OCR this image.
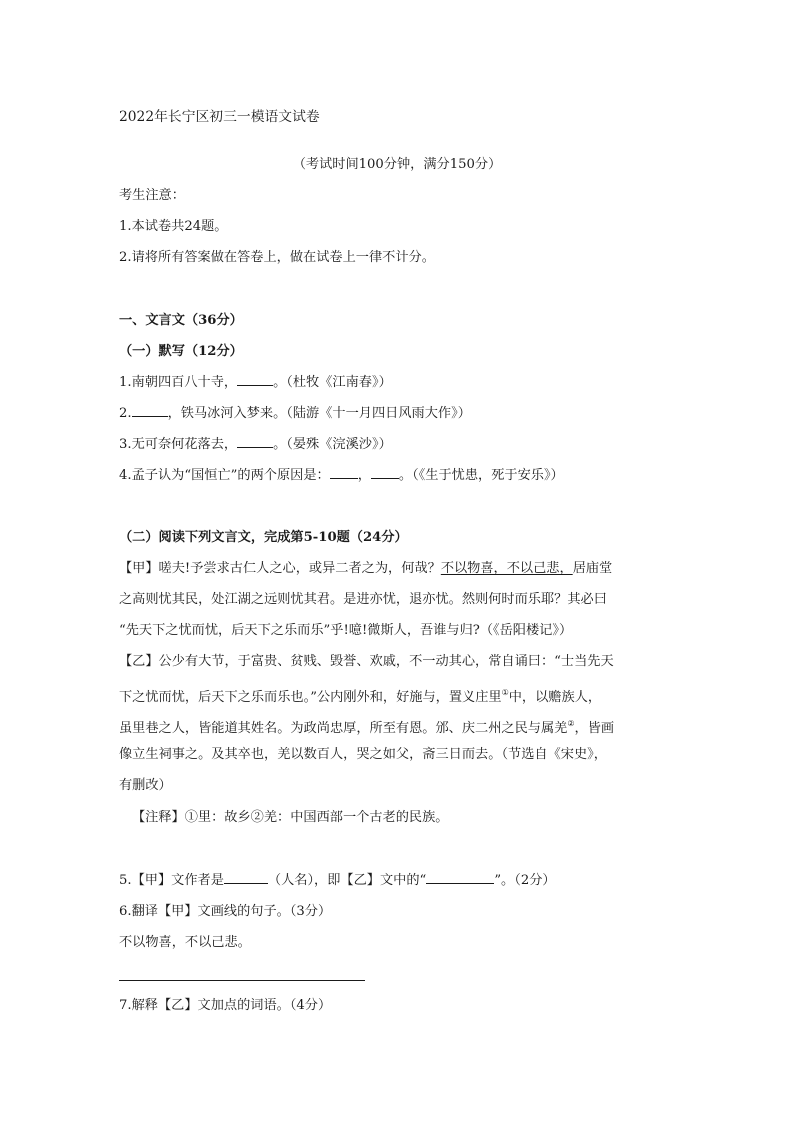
2022年长宁区初三一模语文试卷
（考试时间100分钟，满分150分）
考生注意：
1.本试卷共24题。
2.请将所有答案做在答卷上，做在试卷上一律不计分。
一、文言文（36分）
（一）默写（12分）
1.南朝四百八十寺，	。（杜牧《江南春》）
2.	，铁马冰河入梦来。（陆游《十一月四日风雨大作》）
3.无可奈何花落去，	。（晏殊《浣溪沙》）
4.孟子认为“国恒亡”的两个原因是： ， 。（《生于忧患，死于安乐》）
（二）阅读下列文言文，完成第5-10题（24分）
【甲】嗟夫!予尝求古仁人之心，或异二者之为，何哉？不以物喜，不以己悲，居庙堂
之高则忧其民，处江湖之远则忧其君。是进亦忧，退亦忧。然则何时而乐耶？其必曰
“先天下之忧而忧，后天下之乐而乐”乎!噫!微斯人，吾谁与归?（《岳阳楼记》）
【乙】公少有大节，于富贵、贫贱、毁誉、欢戚，不一动其心，常自诵曰：“士当先天
下之忧而忧，后天下之乐而乐也。”公内刚外和，好施与，置义庄里①中，以赡族人，
虽里巷之人，皆能道其姓名。为政尚忠厚，所至有恩。邠、庆二州之民与属羌②，皆画
像立生祠事之。及其卒也，羌以数百人，哭之如父，斋三日而去。（节选自《宋史》，
有删改）
【注释】①里：故乡②羌：中国西部一个古老的民族。
5.【甲】文作者是	（人名），即【乙】文中的“	”。（2分）
6.翻译【甲】文画线的句子。（3分）
不以物喜，不以己悲。
7.解释【乙】文加点的词语。（4分）
